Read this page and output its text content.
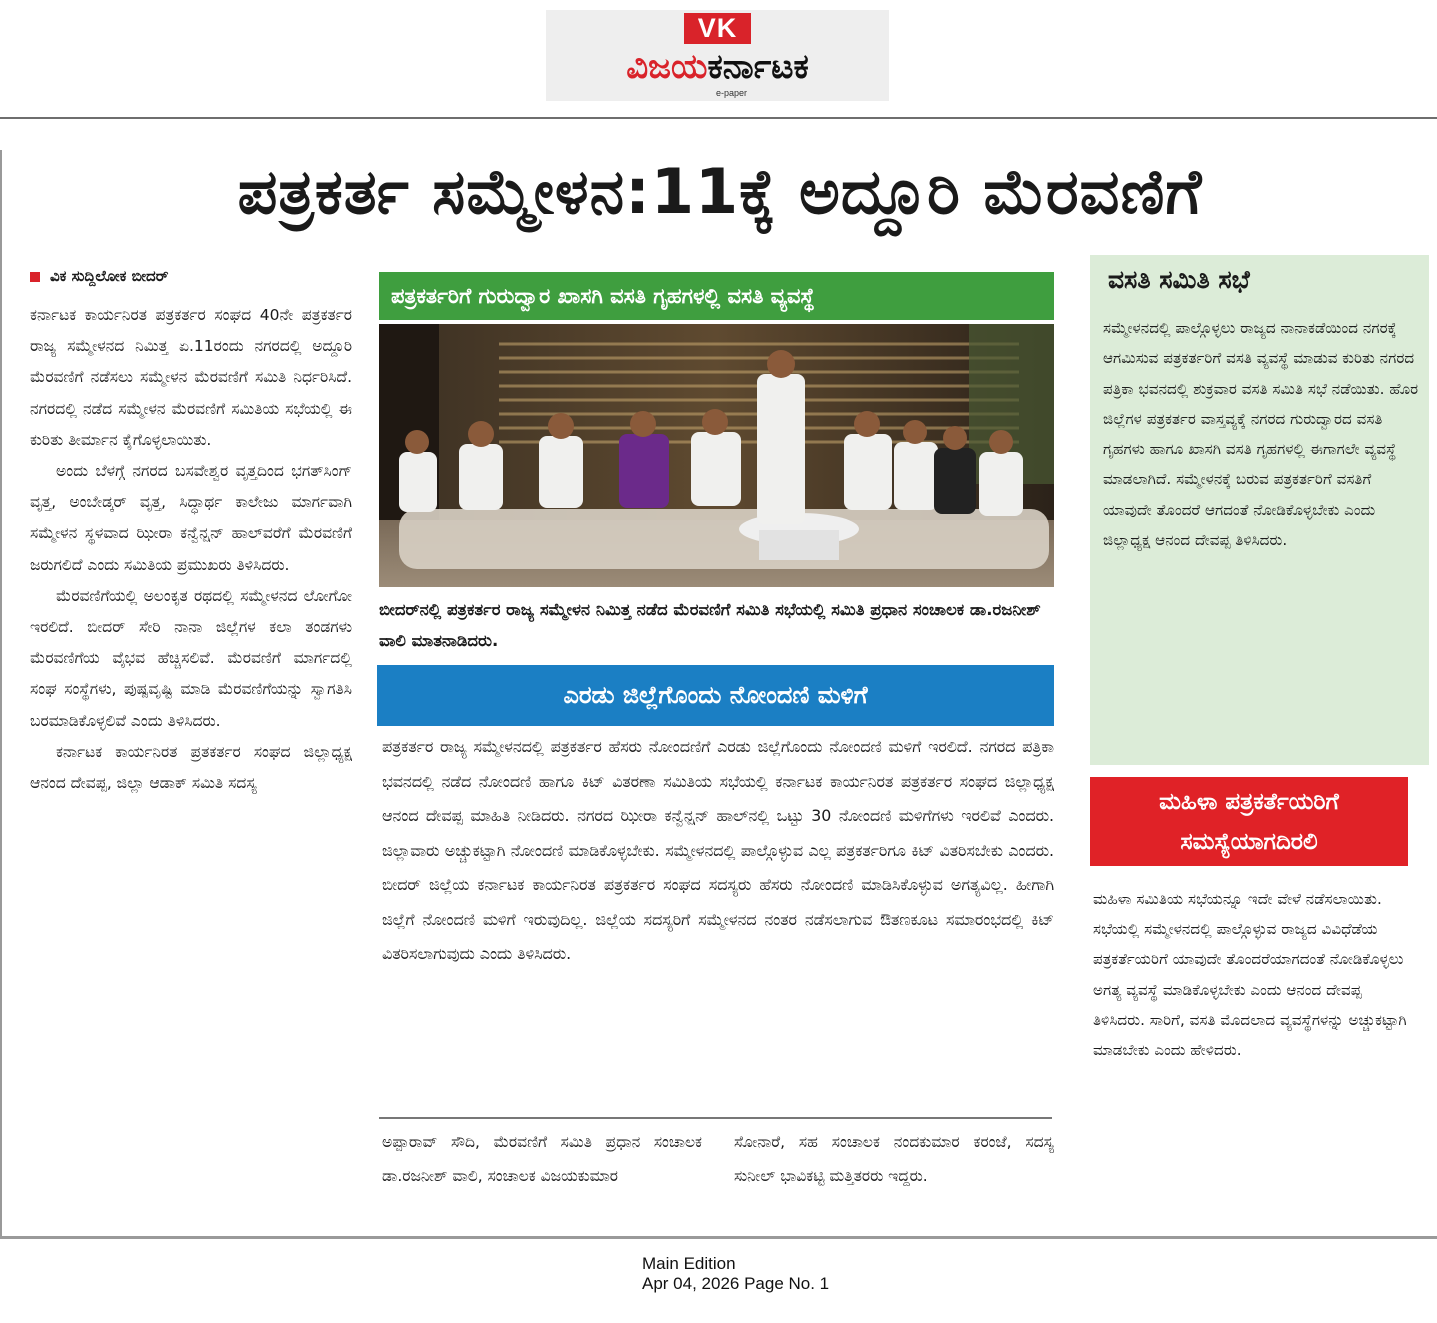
VK
ವಿಜಯಕರ್ನಾಟಕ
e-paper
ಪತ್ರಕರ್ತ ಸಮ್ಮೇಳನ:11ಕ್ಕೆ ಅದ್ದೂರಿ ಮೆರವಣಿಗೆ
ವಿಕ ಸುದ್ದಿಲೋಕ ಬೀದರ್

ಕರ್ನಾಟಕ ಕಾರ್ಯನಿರತ ಪತ್ರಕರ್ತರ ಸಂಘದ 40ನೇ ಪತ್ರಕರ್ತರ ರಾಜ್ಯ ಸಮ್ಮೇಳನದ ನಿಮಿತ್ತ ಏ.11ರಂದು ನಗರದಲ್ಲಿ ಅದ್ದೂರಿ ಮೆರವಣಿಗೆ ನಡೆಸಲು ಸಮ್ಮೇಳನ ಮೆರವಣಿಗೆ ಸಮಿತಿ ನಿರ್ಧರಿಸಿದೆ. ನಗರದಲ್ಲಿ ನಡೆದ ಸಮ್ಮೇಳನ ಮೆರವಣಿಗೆ ಸಮಿತಿಯ ಸಭೆಯಲ್ಲಿ ಈ ಕುರಿತು ತೀರ್ಮಾನ ಕೈಗೊಳ್ಳಲಾಯಿತು.

ಅಂದು ಬೆಳಗ್ಗೆ ನಗರದ ಬಸವೇಶ್ವರ ವೃತ್ತದಿಂದ ಭಗತ್‌ಸಿಂಗ್ ವೃತ್ತ, ಅಂಬೇಡ್ಕರ್ ವೃತ್ತ, ಸಿದ್ಧಾರ್ಥ ಕಾಲೇಜು ಮಾರ್ಗವಾಗಿ ಸಮ್ಮೇಳನ ಸ್ಥಳವಾದ ಝೀರಾ ಕನ್ವೆನ್ಷನ್ ಹಾಲ್‌ವರೆಗೆ ಮೆರವಣಿಗೆ ಜರುಗಲಿದೆ ಎಂದು ಸಮಿತಿಯ ಪ್ರಮುಖರು ತಿಳಿಸಿದರು.

ಮೆರವಣಿಗೆಯಲ್ಲಿ ಅಲಂಕೃತ ರಥದಲ್ಲಿ ಸಮ್ಮೇಳನದ ಲೋಗೋ ಇರಲಿದೆ. ಬೀದರ್ ಸೇರಿ ನಾನಾ ಜಿಲ್ಲೆಗಳ ಕಲಾ ತಂಡಗಳು ಮೆರವಣಿಗೆಯ ವೈಭವ ಹೆಚ್ಚಿಸಲಿವೆ. ಮೆರವಣಿಗೆ ಮಾರ್ಗದಲ್ಲಿ ಸಂಘ ಸಂಸ್ಥೆಗಳು, ಪುಷ್ಪವೃಷ್ಟಿ ಮಾಡಿ ಮೆರವಣಿಗೆಯನ್ನು ಸ್ವಾಗತಿಸಿ ಬರಮಾಡಿಕೊಳ್ಳಲಿವೆ ಎಂದು ತಿಳಿಸಿದರು.

ಕರ್ನಾಟಕ ಕಾರ್ಯನಿರತ ಪ್ರತಕರ್ತರ ಸಂಘದ ಜಿಲ್ಲಾಧ್ಯಕ್ಷ ಆನಂದ ದೇವಪ್ಪ, ಜಿಲ್ಲಾ ಆಡಾಕ್ ಸಮಿತಿ ಸದಸ್ಯ

ಪತ್ರಕರ್ತರಿಗೆ ಗುರುದ್ವಾರ ಖಾಸಗಿ ವಸತಿ ಗೃಹಗಳಲ್ಲಿ ವಸತಿ ವ್ಯವಸ್ಥೆ

ಬೀದರ್‌ನಲ್ಲಿ ಪತ್ರಕರ್ತರ ರಾಜ್ಯ ಸಮ್ಮೇಳನ ನಿಮಿತ್ತ ನಡೆದ ಮೆರವಣಿಗೆ ಸಮಿತಿ ಸಭೆಯಲ್ಲಿ ಸಮಿತಿ ಪ್ರಧಾನ ಸಂಚಾಲಕ ಡಾ.ರಜನೀಶ್ ವಾಲಿ ಮಾತನಾಡಿದರು.

ಎರಡು ಜಿಲ್ಲೆಗೊಂದು ನೋಂದಣಿ ಮಳಿಗೆ

ಪತ್ರಕರ್ತರ ರಾಜ್ಯ ಸಮ್ಮೇಳನದಲ್ಲಿ ಪತ್ರಕರ್ತರ ಹೆಸರು ನೋಂದಣಿಗೆ ಎರಡು ಜಿಲ್ಲೆಗೊಂದು ನೋಂದಣಿ ಮಳಿಗೆ ಇರಲಿದೆ. ನಗರದ ಪತ್ರಿಕಾ ಭವನದಲ್ಲಿ ನಡೆದ ನೋಂದಣಿ ಹಾಗೂ ಕಿಟ್ ವಿತರಣಾ ಸಮಿತಿಯ ಸಭೆಯಲ್ಲಿ ಕರ್ನಾಟಕ ಕಾರ್ಯನಿರತ ಪತ್ರಕರ್ತರ ಸಂಘದ ಜಿಲ್ಲಾಧ್ಯಕ್ಷ ಆನಂದ ದೇವಪ್ಪ ಮಾಹಿತಿ ನೀಡಿದರು. ನಗರದ ಝೀರಾ ಕನ್ವೆನ್ಷನ್ ಹಾಲ್‌ನಲ್ಲಿ ಒಟ್ಟು 30 ನೋಂದಣಿ ಮಳಿಗೆಗಳು ಇರಲಿವೆ ಎಂದರು. ಜಿಲ್ಲಾವಾರು ಅಚ್ಚುಕಟ್ಟಾಗಿ ನೋಂದಣಿ ಮಾಡಿಕೊಳ್ಳಬೇಕು. ಸಮ್ಮೇಳನದಲ್ಲಿ ಪಾಲ್ಗೊಳ್ಳುವ ಎಲ್ಲ ಪತ್ರಕರ್ತರಿಗೂ ಕಿಟ್ ವಿತರಿಸಬೇಕು ಎಂದರು. ಬೀದರ್ ಜಿಲ್ಲೆಯ ಕರ್ನಾಟಕ ಕಾರ್ಯನಿರತ ಪತ್ರಕರ್ತರ ಸಂಘದ ಸದಸ್ಯರು ಹೆಸರು ನೋಂದಣಿ ಮಾಡಿಸಿಕೊಳ್ಳುವ ಅಗತ್ಯವಿಲ್ಲ. ಹೀಗಾಗಿ ಜಿಲ್ಲೆಗೆ ನೋಂದಣಿ ಮಳಿಗೆ ಇರುವುದಿಲ್ಲ. ಜಿಲ್ಲೆಯ ಸದಸ್ಯರಿಗೆ ಸಮ್ಮೇಳನದ ನಂತರ ನಡೆಸಲಾಗುವ ಔತಣಕೂಟ ಸಮಾರಂಭದಲ್ಲಿ ಕಿಟ್ ವಿತರಿಸಲಾಗುವುದು ಎಂದು ತಿಳಿಸಿದರು.

ಅಪ್ಪಾರಾವ್ ಸೌದಿ, ಮೆರವಣಿಗೆ ಸಮಿತಿ ಪ್ರಧಾನ ಸಂಚಾಲಕ ಡಾ.ರಜನೀಶ್ ವಾಲಿ, ಸಂಚಾಲಕ ವಿಜಯಕುಮಾರ

ಸೋನಾರೆ, ಸಹ ಸಂಚಾಲಕ ನಂದಕುಮಾರ ಕರಂಜೆ, ಸದಸ್ಯ ಸುನೀಲ್ ಭಾವಿಕಟ್ಟಿ ಮತ್ತಿತರರು ಇದ್ದರು.

ವಸತಿ ಸಮಿತಿ ಸಭೆ

ಸಮ್ಮೇಳನದಲ್ಲಿ ಪಾಲ್ಗೊಳ್ಳಲು ರಾಜ್ಯದ ನಾನಾಕಡೆಯಿಂದ ನಗರಕ್ಕೆ ಆಗಮಿಸುವ ಪತ್ರಕರ್ತರಿಗೆ ವಸತಿ ವ್ಯವಸ್ಥೆ ಮಾಡುವ ಕುರಿತು ನಗರದ ಪತ್ರಿಕಾ ಭವನದಲ್ಲಿ ಶುಕ್ರವಾರ ವಸತಿ ಸಮಿತಿ ಸಭೆ ನಡೆಯಿತು. ಹೊರ ಜಿಲ್ಲೆಗಳ ಪತ್ರಕರ್ತರ ವಾಸ್ತವ್ಯಕ್ಕೆ ನಗರದ ಗುರುದ್ವಾರದ ವಸತಿ ಗೃಹಗಳು ಹಾಗೂ ಖಾಸಗಿ ವಸತಿ ಗೃಹಗಳಲ್ಲಿ ಈಗಾಗಲೇ ವ್ಯವಸ್ಥೆ ಮಾಡಲಾಗಿದೆ. ಸಮ್ಮೇಳನಕ್ಕೆ ಬರುವ ಪತ್ರಕರ್ತರಿಗೆ ವಸತಿಗೆ ಯಾವುದೇ ತೊಂದರೆ ಆಗದಂತೆ ನೋಡಿಕೊಳ್ಳಬೇಕು ಎಂದು ಜಿಲ್ಲಾಧ್ಯಕ್ಷ ಆನಂದ ದೇವಪ್ಪ ತಿಳಿಸಿದರು.

ಮಹಿಳಾ ಪತ್ರಕರ್ತೆಯರಿಗೆ
ಸಮಸ್ಯೆಯಾಗದಿರಲಿ

ಮಹಿಳಾ ಸಮಿತಿಯ ಸಭೆಯನ್ನೂ ಇದೇ ವೇಳೆ ನಡೆಸಲಾಯಿತು. ಸಭೆಯಲ್ಲಿ ಸಮ್ಮೇಳನದಲ್ಲಿ ಪಾಲ್ಗೊಳ್ಳುವ ರಾಜ್ಯದ ವಿವಿಧೆಡೆಯ ಪತ್ರಕರ್ತೆಯರಿಗೆ ಯಾವುದೇ ತೊಂದರೆಯಾಗದಂತೆ ನೋಡಿಕೊಳ್ಳಲು ಅಗತ್ಯ ವ್ಯವಸ್ಥೆ ಮಾಡಿಕೊಳ್ಳಬೇಕು ಎಂದು ಆನಂದ ದೇವಪ್ಪ ತಿಳಿಸಿದರು. ಸಾರಿಗೆ, ವಸತಿ ಮೊದಲಾದ ವ್ಯವಸ್ಥೆಗಳನ್ನು ಅಚ್ಚುಕಟ್ಟಾಗಿ ಮಾಡಬೇಕು ಎಂದು ಹೇಳಿದರು.

Main Edition
Apr 04, 2026 Page No. 1
